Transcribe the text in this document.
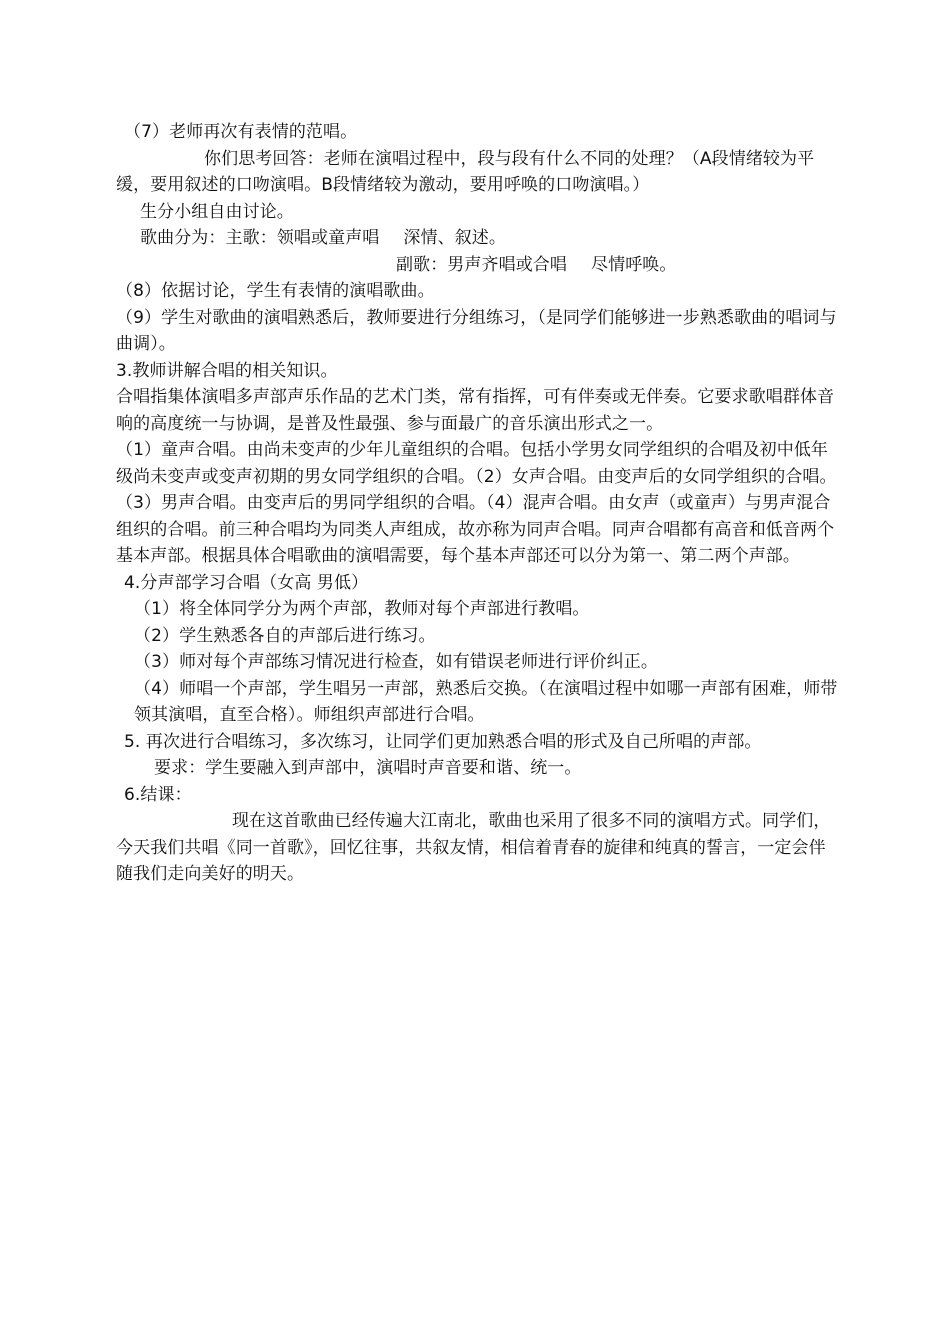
（7）老师再次有表情的范唱。

你们思考回答：老师在演唱过程中，段与段有什么不同的处理？（A段情绪较为平缓，要用叙述的口吻演唱。B段情绪较为激动，要用呼唤的口吻演唱。）

生分小组自由讨论。

歌曲分为：主歌：领唱或童声唱 深情、叙述。

副歌：男声齐唱或合唱 尽情呼唤。

（8）依据讨论，学生有表情的演唱歌曲。

（9）学生对歌曲的演唱熟悉后，教师要进行分组练习，（是同学们能够进一步熟悉歌曲的唱词与曲调）。

3.教师讲解合唱的相关知识。

合唱指集体演唱多声部声乐作品的艺术门类，常有指挥，可有伴奏或无伴奏。它要求歌唱群体音响的高度统一与协调，是普及性最强、参与面最广的音乐演出形式之一。

（1）童声合唱。由尚未变声的少年儿童组织的合唱。包括小学男女同学组织的合唱及初中低年级尚未变声或变声初期的男女同学组织的合唱。（2）女声合唱。由变声后的女同学组织的合唱。（3）男声合唱。由变声后的男同学组织的合唱。（4）混声合唱。由女声（或童声）与男声混合组织的合唱。前三种合唱均为同类人声组成，故亦称为同声合唱。同声合唱都有高音和低音两个基本声部。根据具体合唱歌曲的演唱需要，每个基本声部还可以分为第一、第二两个声部。

4.分声部学习合唱（女高 男低）

（1）将全体同学分为两个声部，教师对每个声部进行教唱。

（2）学生熟悉各自的声部后进行练习。

（3）师对每个声部练习情况进行检查，如有错误老师进行评价纠正。

（4）师唱一个声部，学生唱另一声部，熟悉后交换。（在演唱过程中如哪一声部有困难，师带领其演唱，直至合格）。师组织声部进行合唱。

5. 再次进行合唱练习，多次练习，让同学们更加熟悉合唱的形式及自己所唱的声部。

要求：学生要融入到声部中，演唱时声音要和谐、统一。

6.结课：

现在这首歌曲已经传遍大江南北，歌曲也采用了很多不同的演唱方式。同学们，今天我们共唱《同一首歌》，回忆往事，共叙友情，相信着青春的旋律和纯真的誓言，一定会伴随我们走向美好的明天。
